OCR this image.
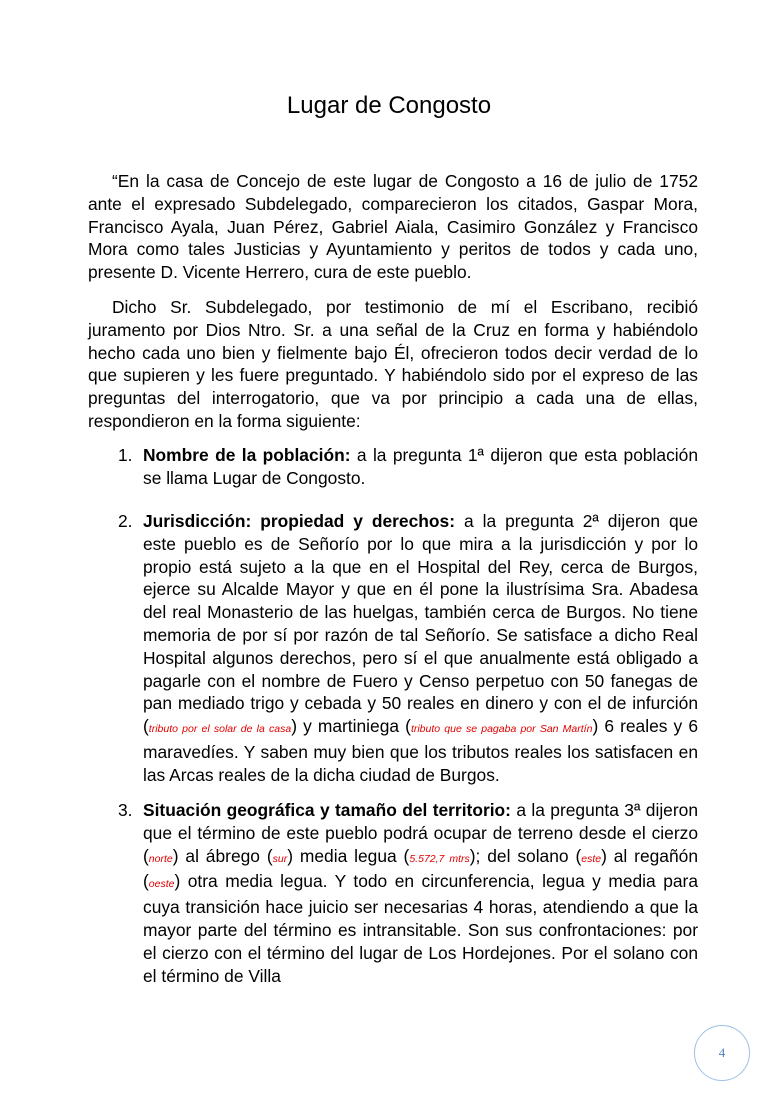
Lugar de Congosto

“En la casa de Concejo de este lugar de Congosto a 16 de julio de 1752 ante el expresado Subdelegado, comparecieron los citados, Gaspar Mora, Francisco Ayala, Juan Pérez, Gabriel Aiala, Casimiro González y Francisco Mora como tales Justicias y Ayuntamiento y peritos de todos y cada uno, presente D. Vicente Herrero, cura de este pueblo.

Dicho Sr. Subdelegado, por testimonio de mí el Escribano, recibió juramento por Dios Ntro. Sr. a una señal de la Cruz en forma y habiéndolo hecho cada uno bien y fielmente bajo Él, ofrecieron todos decir verdad de lo que supieren y les fuere preguntado. Y habiéndolo sido por el expreso de las preguntas del interrogatorio, que va por principio a cada una de ellas, respondieron en la forma siguiente:

1. Nombre de la población: a la pregunta 1ª dijeron que esta población se llama Lugar de Congosto.
2. Jurisdicción: propiedad y derechos: a la pregunta 2ª dijeron que este pueblo es de Señorío por lo que mira a la jurisdicción y por lo propio está sujeto a la que en el Hospital del Rey, cerca de Burgos, ejerce su Alcalde Mayor y que en él pone la ilustrísima Sra. Abadesa del real Monasterio de las huelgas, también cerca de Burgos. No tiene memoria de por sí por razón de tal Señorío. Se satisface a dicho Real Hospital algunos derechos, pero sí el que anualmente está obligado a pagarle con el nombre de Fuero y Censo perpetuo con 50 fanegas de pan mediado trigo y cebada y 50 reales en dinero y con el de infurción (tributo por el solar de la casa) y martiniega (tributo que se pagaba por San Martín) 6 reales y 6 maravedíes. Y saben muy bien que los tributos reales los satisfacen en las Arcas reales de la dicha ciudad de Burgos.
3. Situación geográfica y tamaño del territorio: a la pregunta 3ª dijeron que el término de este pueblo podrá ocupar de terreno desde el cierzo (norte) al ábrego (sur) media legua (5.572,7 mtrs); del solano (este) al regañón (oeste) otra media legua. Y todo en circunferencia, legua y media para cuya transición hace juicio ser necesarias 4 horas, atendiendo a que la mayor parte del término es intransitable. Son sus confrontaciones: por el cierzo con el término del lugar de Los Hordejones. Por el solano con el término de Villa
4
